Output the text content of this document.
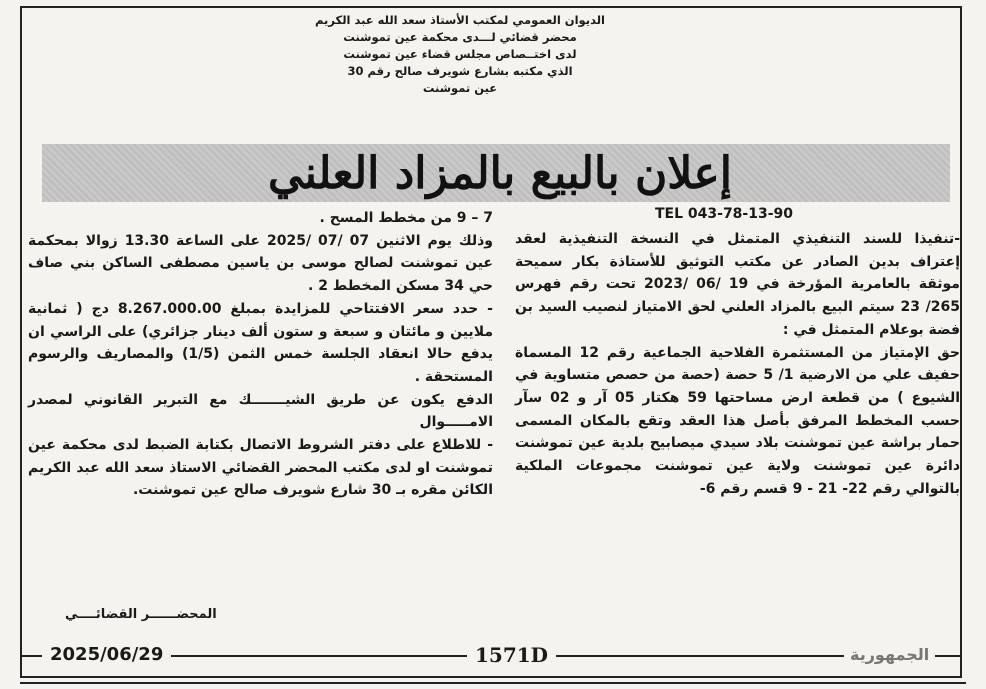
الديوان العمومي لمكتب الأستاذ سعد الله عبد الكريم
محضر قضائي لـــدى محكمة عين تموشنت
لدى اختــصاص مجلس قضاء عين تموشنت
الذي مكتبه بشارع شويرف صالح رقم 30
عين تموشنت
إعلان بالبيع بالمزاد العلني
TEL 043-78-13-90

-تنفيذا للسند التنفيذي المتمثل في النسخة التنفيذية لعقد إعتراف بدين الصادر عن مكتب التوثيق للأستاذة بكار سميحة موثقة بالعامرية المؤرخة في 19 /06 /2023 تحت رقم فهرس 265/ 23 سيتم البيع بالمزاد العلني لحق الامتياز لنصيب السيد بن فضة بوعلام المتمثل في :

حق الإمتياز من المستثمرة الفلاحية الجماعية رقم 12 المسماة حفيف علي من الارضية 1/ 5 حصة (حصة من حصص متساوية في الشيوع ) من قطعة ارض مساحتها 59 هكتار 05 آر و 02 سآر حسب المخطط المرفق بأصل هذا العقد وتقع بالمكان المسمى حمار براشة عين تموشنت بلاد سيدي ميصابيح بلدية عين تموشنت دائرة عين تموشنت ولاية عين تموشنت مجموعات الملكية بالتوالي رقم 22- 21 - 9 قسم رقم 6-

7 – 9 من مخطط المسح .

وذلك يوم الاثنين 07 /07 /2025 على الساعة 13.30 زوالا بمحكمة عين تموشنت لصالح موسى بن ياسين مصطفى الساكن بني صاف حي 34 مسكن المخطط 2 .

- حدد سعر الافتتاحي للمزايدة بمبلغ 8.267.000.00 دج ( ثمانية ملايين و مائتان و سبعة و ستون ألف دينار جزائري) على الراسي ان يدفع حالا انعقاد الجلسة خمس الثمن (1/5) والمصاريف والرسوم المستحقة .

الدفع يكون عن طريق الشيـــــــك مع التبرير القانوني لمصدر الامـــــوال

- للاطلاع على دفتر الشروط الاتصال بكتابة الضبط لدى محكمة عين تموشنت او لدى مكتب المحضر القضائي الاستاذ سعد الله عبد الكريم الكائن مقره بـ 30 شارع شويرف صالح عين تموشنت.

المحضــــــر القضائــــي
2025/06/29	1571D	الجمهورية
